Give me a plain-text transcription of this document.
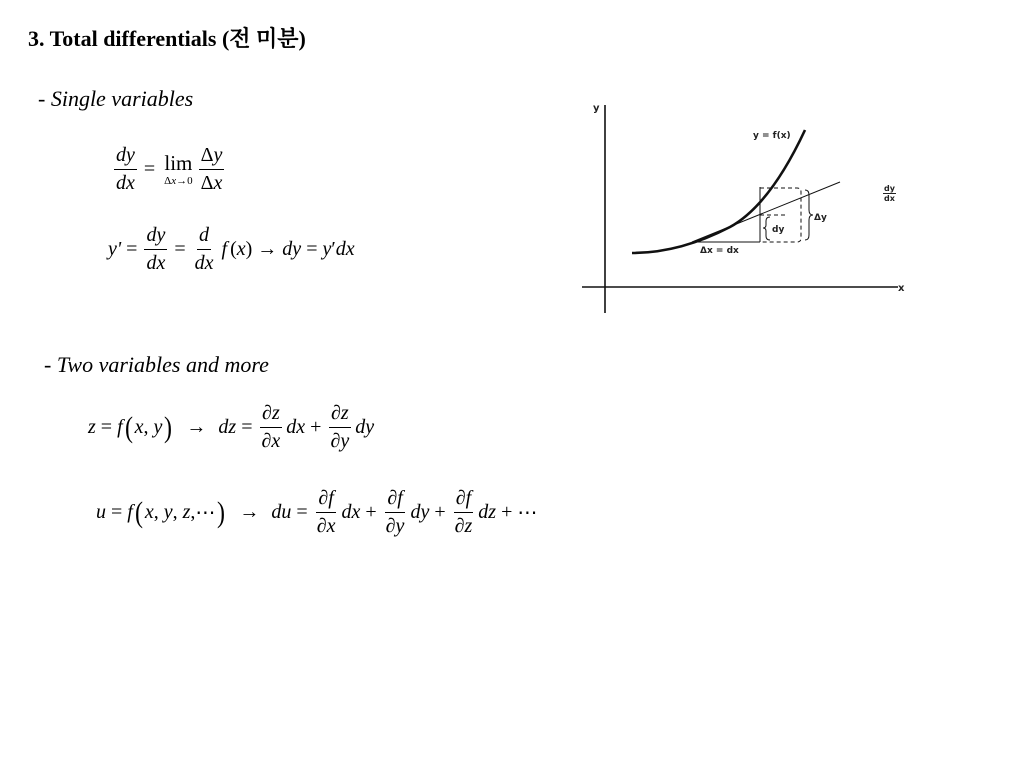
3. Total differentials (전 미분)
- Single variables
$\frac{dy}{dx} = \lim$
$\Delta x\to 0 \frac{\Delta y}{\Delta x}$
$y' = \frac{dy}{dx} = \frac{d}{dx}$ f ( x ) → dy = y ′ dx
y
x
y = f(x)
Δy
dy
Δx = dx
$\frac{dy}{dx}$
- Two variables and more
z = f ( x , y ) → dz = $\frac{\partial z}{\partial x}$ dx + $\frac{\partial z}{\partial y}$ dy
u = f ( x , y , z , ⋯ ) → du = $\frac{\partial f}{\partial x}$ dx + $\frac{\partial f}{\partial y}$ dy + $\frac{\partial f}{\partial z}$ dz + ⋯
